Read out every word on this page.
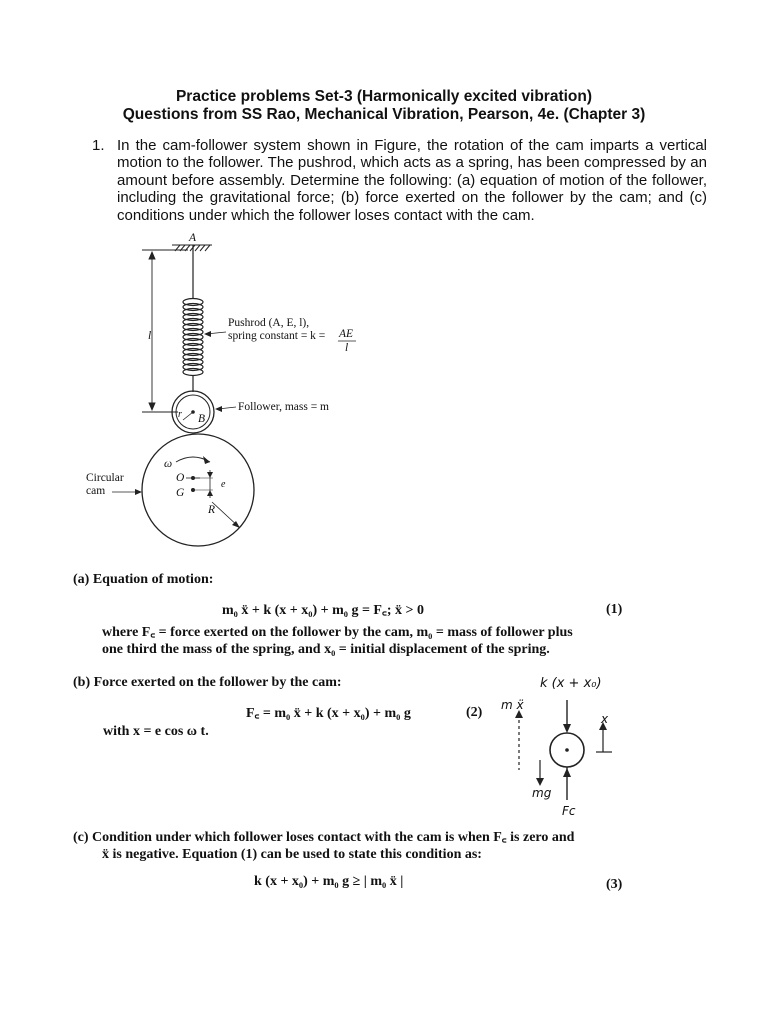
Practice problems Set-3 (Harmonically excited vibration)
Questions from SS Rao, Mechanical Vibration, Pearson, 4e. (Chapter 3)
1. In the cam-follower system shown in Figure, the rotation of the cam imparts a vertical motion to the follower. The pushrod, which acts as a spring, has been compressed by an amount before assembly. Determine the following: (a) equation of motion of the follower, including the gravitational force; (b) force exerted on the follower by the cam; and (c) conditions under which the follower loses contact with the cam.
A
l
Pushrod (A, E, l),
spring constant = k = AE
l
Follower, mass = m
r B
ω
O
G
e
R
Circular
cam
(a) Equation of motion:
m₀ ẍ + k (x + x₀) + m₀ g = F꜀; ẍ > 0	(1)
where F꜀ = force exerted on the follower by the cam, m₀ = mass of follower plus
one third the mass of the spring, and x₀ = initial displacement of the spring.
(b) Force exerted on the follower by the cam:
F꜀ = m₀ ẍ + k (x + x₀) + m₀ g	(2)
with x = e cos ω t.
k (x + x₀)
m ẍ
mg
Fc
x
(c) Condition under which follower loses contact with the cam is when F꜀ is zero and
ẍ is negative. Equation (1) can be used to state this condition as:
k (x + x₀) + m₀ g ≥ | m₀ ẍ |	(3)
